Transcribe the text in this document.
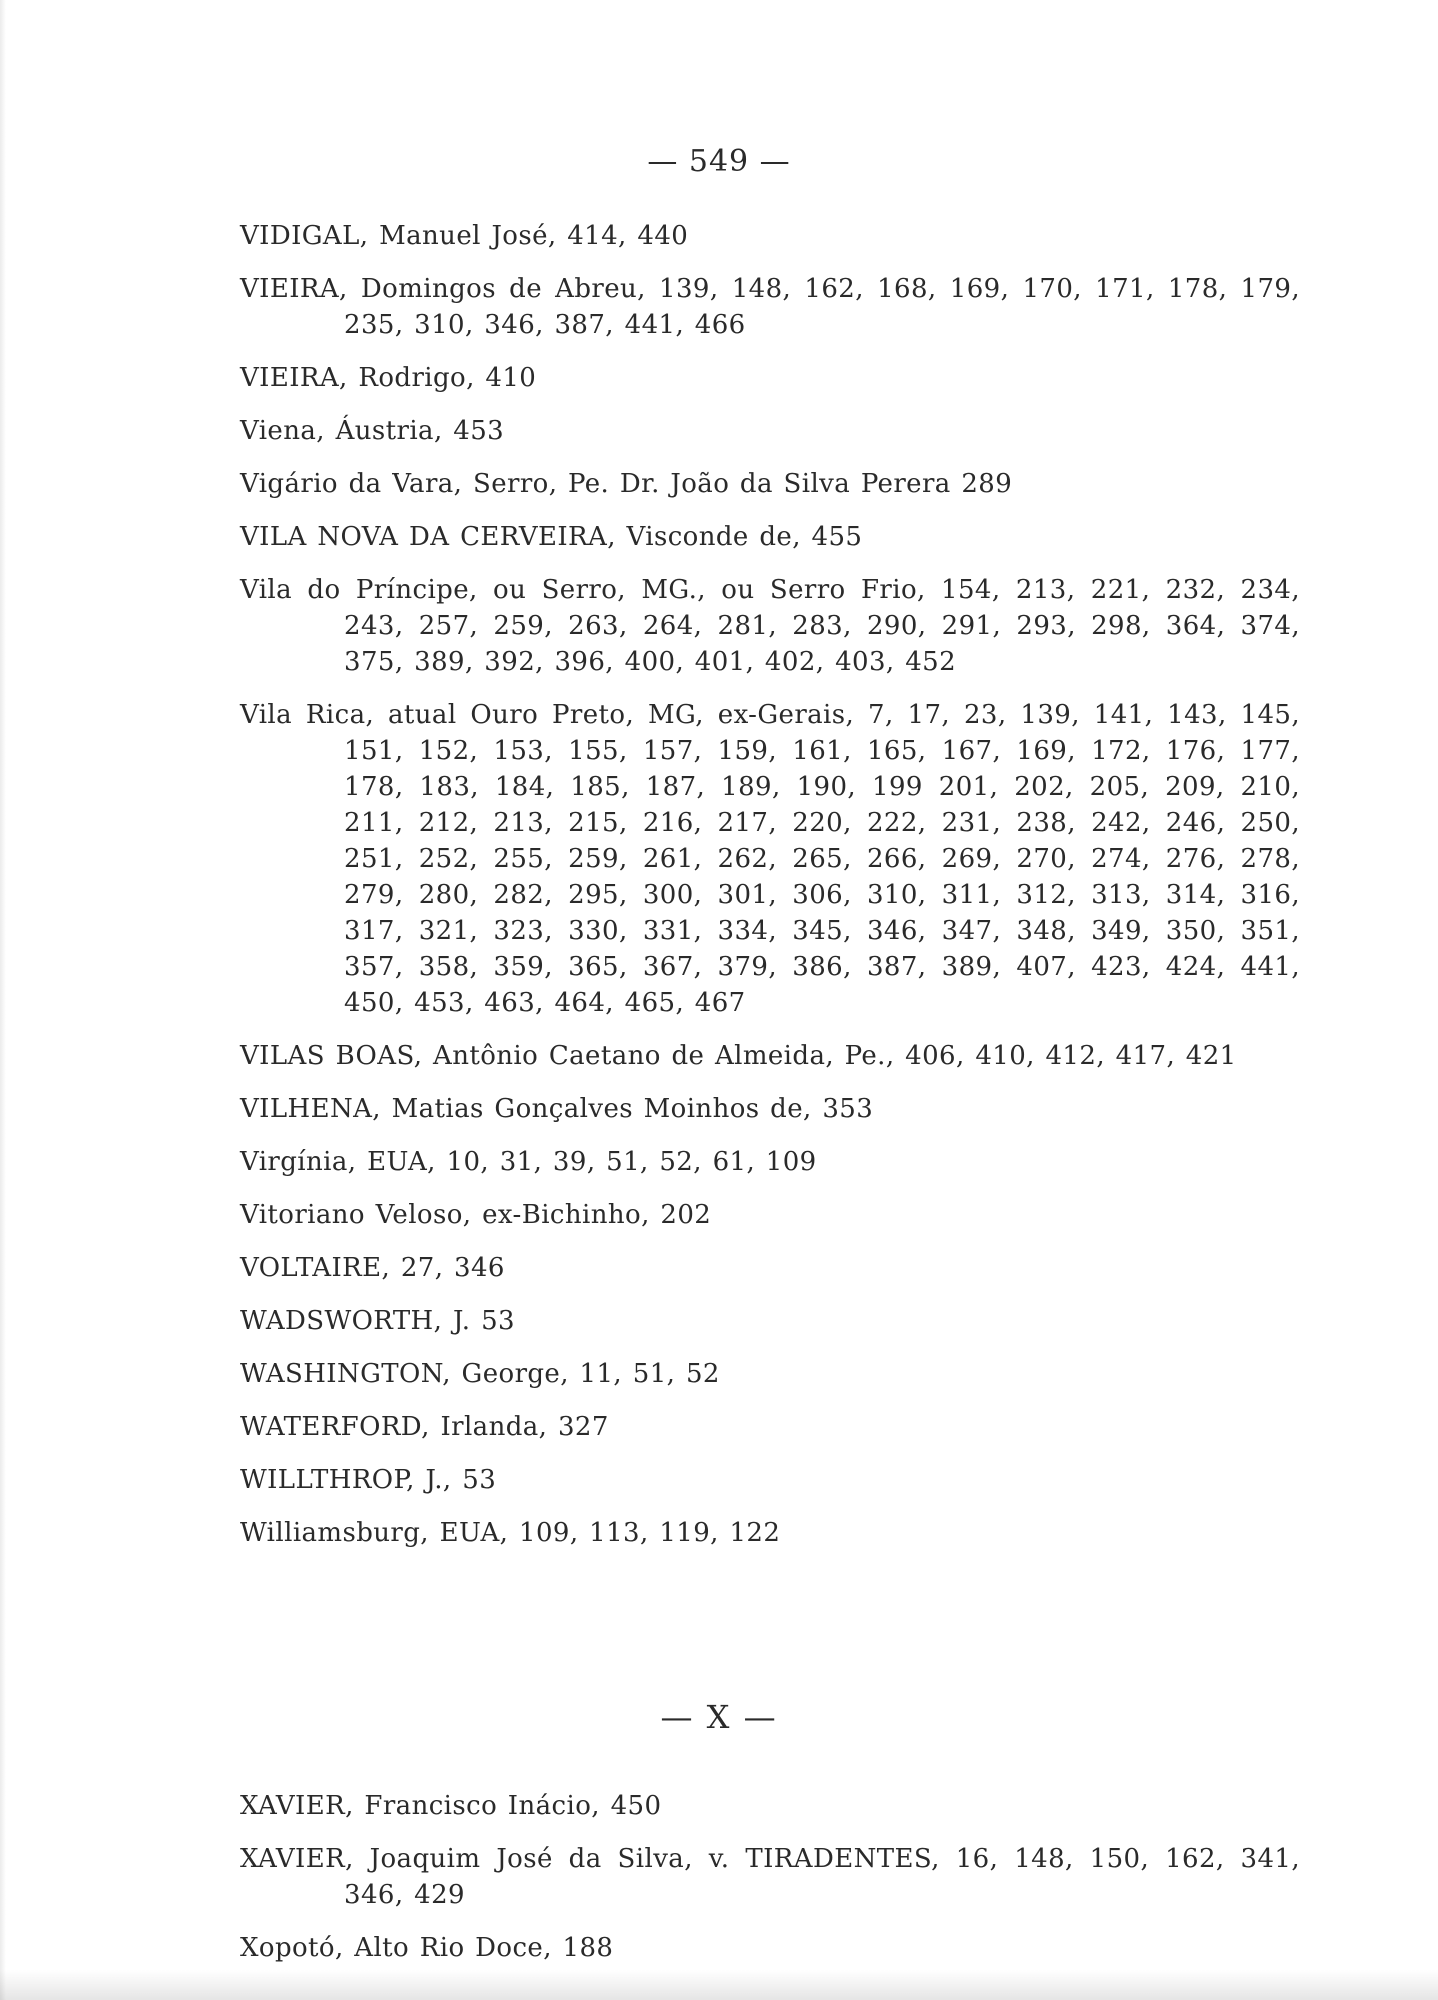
— 549 —

VIDIGAL, Manuel José, 414, 440

VIEIRA, Domingos de Abreu, 139, 148, 162, 168, 169, 170, 171, 178, 179, 235, 310, 346, 387, 441, 466

VIEIRA, Rodrigo, 410

Viena, Áustria, 453

Vigário da Vara, Serro, Pe. Dr. João da Silva Perera 289

VILA NOVA DA CERVEIRA, Visconde de, 455

Vila do Príncipe, ou Serro, MG., ou Serro Frio, 154, 213, 221, 232, 234, 243, 257, 259, 263, 264, 281, 283, 290, 291, 293, 298, 364, 374, 375, 389, 392, 396, 400, 401, 402, 403, 452

Vila Rica, atual Ouro Preto, MG, ex-Gerais, 7, 17, 23, 139, 141, 143, 145, 151, 152, 153, 155, 157, 159, 161, 165, 167, 169, 172, 176, 177, 178, 183, 184, 185, 187, 189, 190, 199 201, 202, 205, 209, 210, 211, 212, 213, 215, 216, 217, 220, 222, 231, 238, 242, 246, 250, 251, 252, 255, 259, 261, 262, 265, 266, 269, 270, 274, 276, 278, 279, 280, 282, 295, 300, 301, 306, 310, 311, 312, 313, 314, 316, 317, 321, 323, 330, 331, 334, 345, 346, 347, 348, 349, 350, 351, 357, 358, 359, 365, 367, 379, 386, 387, 389, 407, 423, 424, 441, 450, 453, 463, 464, 465, 467

VILAS BOAS, Antônio Caetano de Almeida, Pe., 406, 410, 412, 417, 421

VILHENA, Matias Gonçalves Moinhos de, 353

Virgínia, EUA, 10, 31, 39, 51, 52, 61, 109

Vitoriano Veloso, ex-Bichinho, 202

VOLTAIRE, 27, 346

WADSWORTH, J. 53

WASHINGTON, George, 11, 51, 52

WATERFORD, Irlanda, 327

WILLTHROP, J., 53

Williamsburg, EUA, 109, 113, 119, 122

— X —

XAVIER, Francisco Inácio, 450

XAVIER, Joaquim José da Silva, v. TIRADENTES, 16, 148, 150, 162, 341, 346, 429

Xopotó, Alto Rio Doce, 188
